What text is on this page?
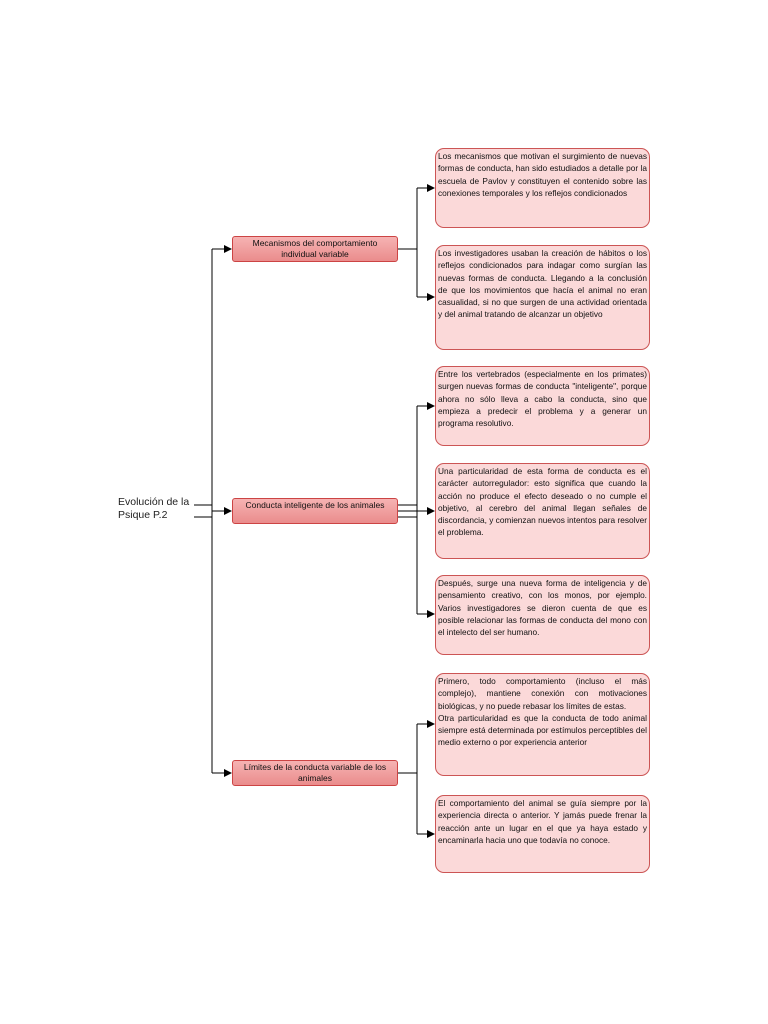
Evolución de la Psique P.2
Mecanismos del comportamiento individual variable
Conducta inteligente de los animales
Límites de la conducta variable de los animales

Los mecanismos que motivan el surgimiento de nuevas formas de conducta, han sido estudiados a detalle por la escuela de Pavlov y constituyen el contenido sobre las conexiones temporales y los reflejos condicionados

Los investigadores usaban la creación de hábitos o los reflejos condicionados para indagar como surgían las nuevas formas de conducta. Llegando a la conclusión de que los movimientos que hacía el animal no eran casualidad, si no que surgen de una actividad orientada y del animal tratando de alcanzar un objetivo

Entre los vertebrados (especialmente en los primates) surgen nuevas formas de conducta "inteligente", porque ahora no sólo lleva a cabo la conducta, sino que empieza a predecir el problema y a generar un programa resolutivo.

Una particularidad de esta forma de conducta es el carácter autorregulador: esto significa que cuando la acción no produce el efecto deseado o no cumple el objetivo, al cerebro del animal llegan señales de discordancia, y comienzan nuevos intentos para resolver el problema.

Después, surge una nueva forma de inteligencia y de pensamiento creativo, con los monos, por ejemplo. Varios investigadores se dieron cuenta de que es posible relacionar las formas de conducta del mono con el intelecto del ser humano.

Primero, todo comportamiento (incluso el más complejo), mantiene conexión con motivaciones biológicas, y no puede rebasar los límites de estas.

Otra particularidad es que la conducta de todo animal siempre está determinada por estímulos perceptibles del medio externo o por experiencia anterior

El comportamiento del animal se guía siempre por la experiencia directa o anterior. Y jamás puede frenar la reacción ante un lugar en el que ya haya estado y encaminarla hacia uno que todavía no conoce.
